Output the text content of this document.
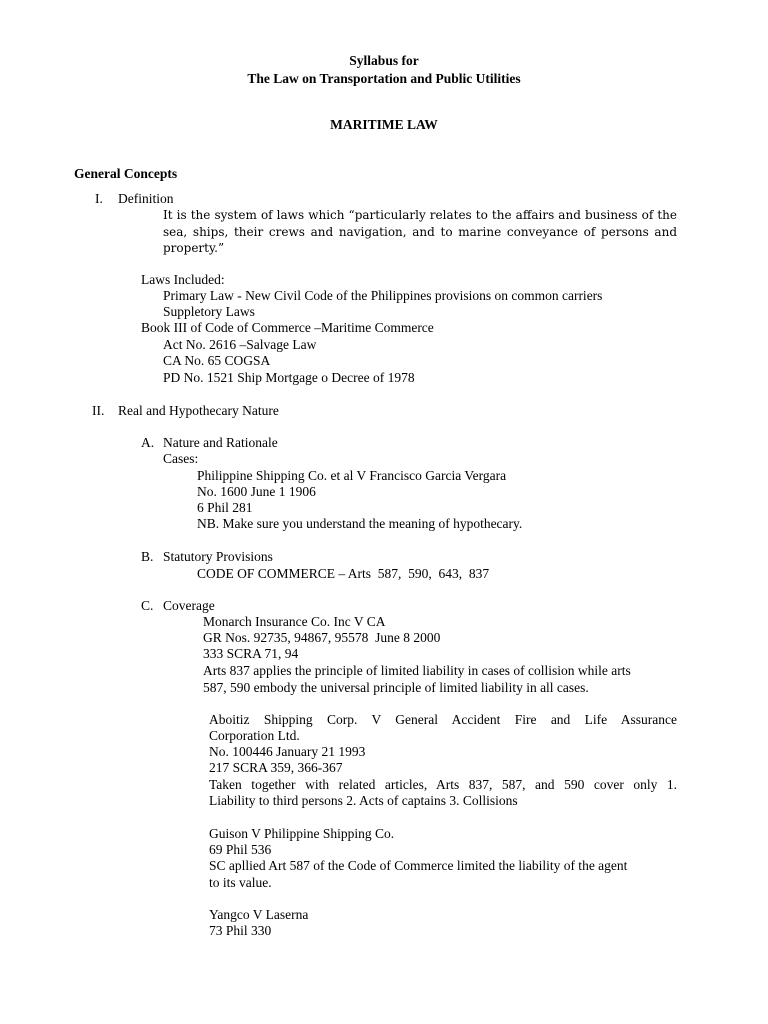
Syllabus for
The Law on Transportation and Public Utilities
MARITIME LAW
General Concepts
I. Definition
It is the system of laws which “particularly relates to the affairs and business of the
sea, ships, their crews and navigation, and to marine conveyance of persons and
property.”
Laws Included:
Primary Law - New Civil Code of the Philippines provisions on common carriers
Suppletory Laws
Book III of Code of Commerce –Maritime Commerce
Act No. 2616 –Salvage Law
CA No. 65 COGSA
PD No. 1521 Ship Mortgage o Decree of 1978
II. Real and Hypothecary Nature
A. Nature and Rationale
Cases:
Philippine Shipping Co. et al V Francisco Garcia Vergara
No. 1600 June 1 1906
6 Phil 281
NB. Make sure you understand the meaning of hypothecary.
B. Statutory Provisions
CODE OF COMMERCE – Arts  587,  590,  643,  837
C. Coverage
Monarch Insurance Co. Inc V CA
GR Nos. 92735, 94867, 95578  June 8 2000
333 SCRA 71, 94
Arts 837 applies the principle of limited liability in cases of collision while arts
587, 590 embody the universal principle of limited liability in all cases.
Aboitiz Shipping Corp. V General Accident Fire and Life Assurance
Corporation Ltd.
No. 100446 January 21 1993
217 SCRA 359, 366-367
Taken together with related articles, Arts 837, 587, and 590 cover only 1.
Liability to third persons 2. Acts of captains 3. Collisions
Guison V Philippine Shipping Co.
69 Phil 536
SC apllied Art 587 of the Code of Commerce limited the liability of the agent
to its value.
Yangco V Laserna
73 Phil 330
